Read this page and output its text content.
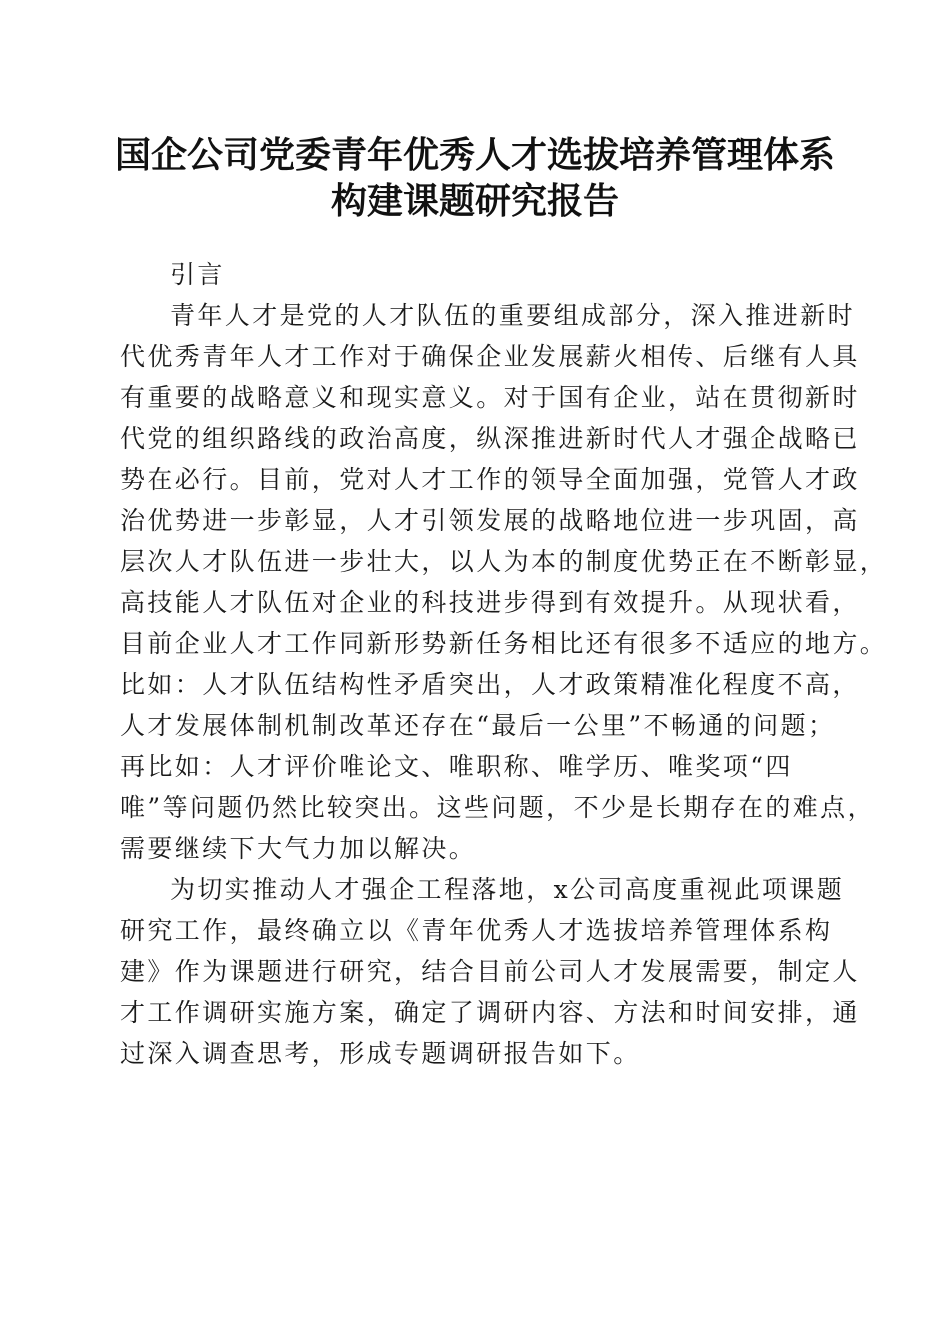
国企公司党委青年优秀人才选拔培养管理体系
构建课题研究报告
引言
青年人才是党的人才队伍的重要组成部分，深入推进新时
代优秀青年人才工作对于确保企业发展薪火相传、后继有人具
有重要的战略意义和现实意义。对于国有企业，站在贯彻新时
代党的组织路线的政治高度，纵深推进新时代人才强企战略已
势在必行。目前，党对人才工作的领导全面加强，党管人才政
治优势进一步彰显，人才引领发展的战略地位进一步巩固，高
层次人才队伍进一步壮大，以人为本的制度优势正在不断彰显，
高技能人才队伍对企业的科技进步得到有效提升。从现状看，
目前企业人才工作同新形势新任务相比还有很多不适应的地方。
比如：人才队伍结构性矛盾突出，人才政策精准化程度不高，
人才发展体制机制改革还存在“最后一公里”不畅通的问题；
再比如：人才评价唯论文、唯职称、唯学历、唯奖项“四
唯”等问题仍然比较突出。这些问题，不少是长期存在的难点，
需要继续下大气力加以解决。
为切实推动人才强企工程落地，x公司高度重视此项课题
研究工作，最终确立以《青年优秀人才选拔培养管理体系构
建》作为课题进行研究，结合目前公司人才发展需要，制定人
才工作调研实施方案，确定了调研内容、方法和时间安排，通
过深入调查思考，形成专题调研报告如下。
